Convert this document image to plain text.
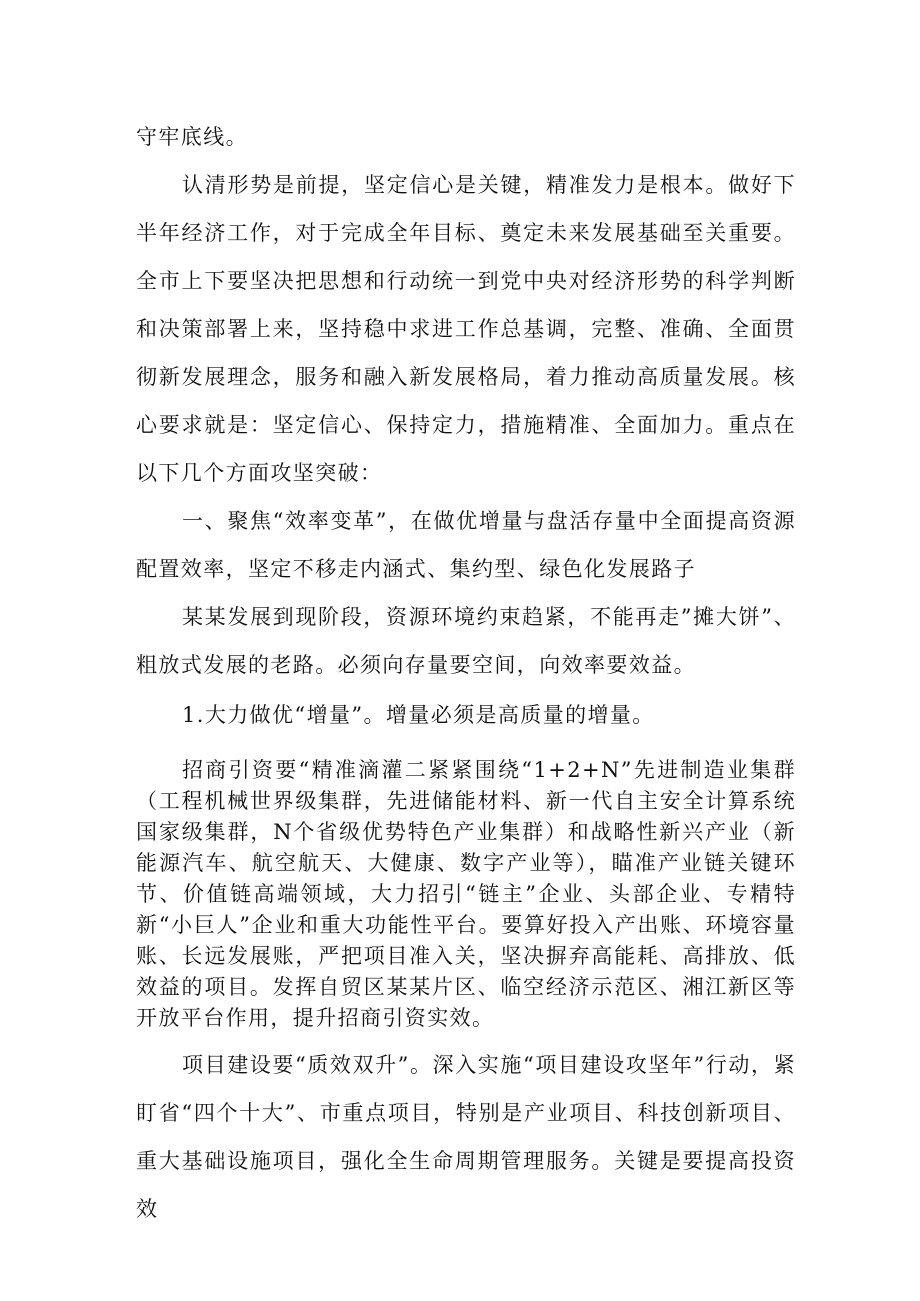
守牢底线。

认清形势是前提，坚定信心是关键，精准发力是根本。做好下半年经济工作，对于完成全年目标、奠定未来发展基础至关重要。全市上下要坚决把思想和行动统一到党中央对经济形势的科学判断和决策部署上来，坚持稳中求进工作总基调，完整、准确、全面贯彻新发展理念，服务和融入新发展格局，着力推动高质量发展。核心要求就是：坚定信心、保持定力，措施精准、全面加力。重点在以下几个方面攻坚突破：

一、聚焦“效率变革”，在做优增量与盘活存量中全面提高资源配置效率，坚定不移走内涵式、集约型、绿色化发展路子

某某发展到现阶段，资源环境约束趋紧，不能再走”摊大饼”、粗放式发展的老路。必须向存量要空间，向效率要效益。

1.大力做优“增量”。增量必须是高质量的增量。

招商引资要“精准滴灌二紧紧围绕“1+2+N”先进制造业集群（工程机械世界级集群，先进储能材料、新一代自主安全计算系统国家级集群，N个省级优势特色产业集群）和战略性新兴产业（新能源汽车、航空航天、大健康、数字产业等），瞄准产业链关键环节、价值链高端领域，大力招引“链主”企业、头部企业、专精特新“小巨人”企业和重大功能性平台。要算好投入产出账、环境容量账、长远发展账，严把项目准入关，坚决摒弃高能耗、高排放、低效益的项目。发挥自贸区某某片区、临空经济示范区、湘江新区等开放平台作用，提升招商引资实效。

项目建设要“质效双升”。深入实施“项目建设攻坚年”行动，紧盯省“四个十大”、市重点项目，特别是产业项目、科技创新项目、重大基础设施项目，强化全生命周期管理服务。关键是要提高投资效
